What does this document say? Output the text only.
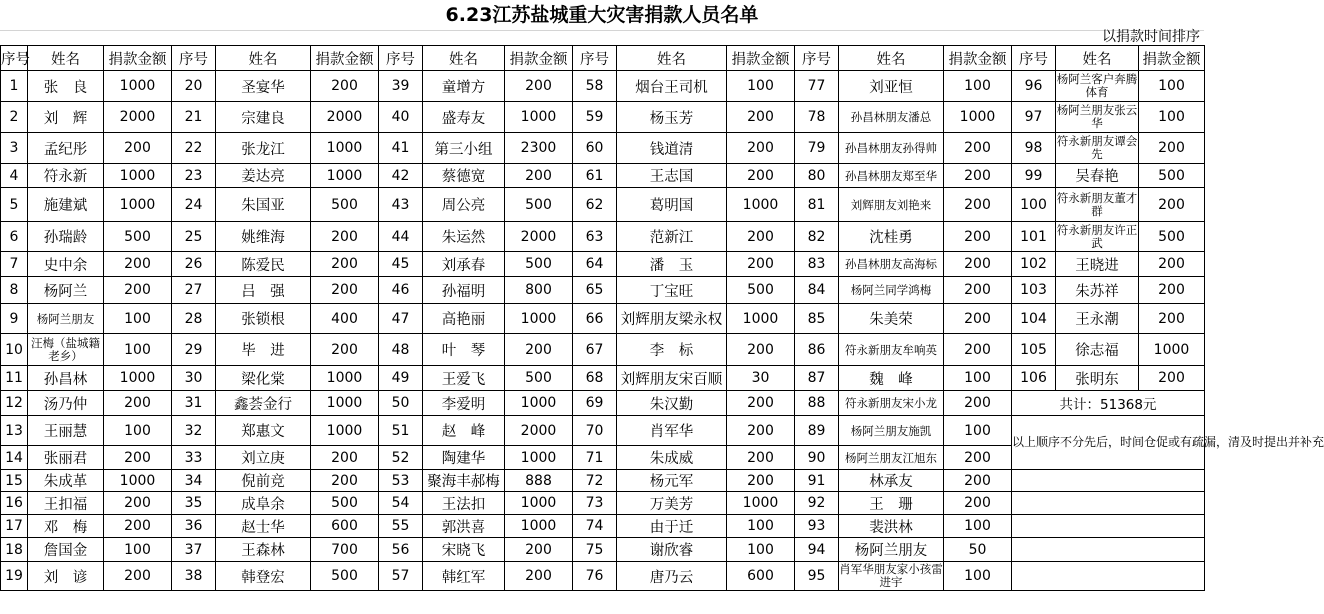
6.23江苏盐城重大灾害捐款人员名单
以捐款时间排序
序号	姓名	捐款金额	序号	姓名	捐款金额	序号	姓名	捐款金额	序号	姓名	捐款金额	序号	姓名	捐款金额	序号	姓名	捐款金额
1	张　良	1000	20	圣宴华	200	39	童增方	200	58	烟台王司机	100	77	刘亚恒	100	96	杨阿兰客户奔腾体育	100
2	刘　辉	2000	21	宗建良	2000	40	盛寿友	1000	59	杨玉芳	200	78	孙昌林朋友潘总	1000	97	杨阿兰朋友张云华	100
3	孟纪彤	200	22	张龙江	1000	41	第三小组	2300	60	钱道清	200	79	孙昌林朋友孙得帅	200	98	符永新朋友谭会先	200
4	符永新	1000	23	姜达亮	1000	42	蔡德宽	200	61	王志国	200	80	孙昌林朋友郑至华	200	99	吴春艳	500
5	施建斌	1000	24	朱国亚	500	43	周公亮	500	62	葛明国	1000	81	刘辉朋友刘艳来	200	100	符永新朋友董才群	200
6	孙瑞龄	500	25	姚维海	200	44	朱运然	2000	63	范新江	200	82	沈桂勇	200	101	符永新朋友许正武	500
7	史中余	200	26	陈爱民	200	45	刘承春	500	64	潘　玉	200	83	孙昌林朋友高海标	200	102	王晓进	200
8	杨阿兰	200	27	吕　强	200	46	孙福明	800	65	丁宝旺	500	84	杨阿兰同学鸿梅	200	103	朱苏祥	200
9	杨阿兰朋友	100	28	张锁根	400	47	高艳丽	1000	66	刘辉朋友梁永权	1000	85	朱美荣	200	104	王永潮	200
10	汪梅（盐城籍老乡）	100	29	毕　进	200	48	叶　琴	200	67	李　标	200	86	符永新朋友牟响英	200	105	徐志福	1000
11	孙昌林	1000	30	梁化棠	1000	49	王爱飞	500	68	刘辉朋友宋百顺	30	87	魏　峰	100	106	张明东	200
12	汤乃仲	200	31	鑫荟金行	1000	50	李爱明	1000	69	朱汉勤	200	88	符永新朋友宋小龙	200	共计：51368元		
13	王丽慧	100	32	郑惠文	1000	51	赵　峰	2000	70	肖军华	200	89	杨阿兰朋友施凯	100	以上顺序不分先后，时间仓促或有疏漏，清及时提出并补充		
14	张丽君	200	33	刘立庚	200	52	陶建华	1000	71	朱成威	200	90	杨阿兰朋友江旭东	200			
15	朱成革	1000	34	倪前竞	200	53	聚海丰郝梅	888	72	杨元军	200	91	林承友	200			
16	王扣福	200	35	成阜余	500	54	王法扣	1000	73	万美芳	1000	92	王　珊	200			
17	邓　梅	200	36	赵士华	600	55	郭洪喜	1000	74	由于迁	100	93	裴洪林	100			
18	詹国金	100	37	王森林	700	56	宋晓飞	200	75	谢欣睿	100	94	杨阿兰朋友	50			
19	刘　谚	200	38	韩登宏	500	57	韩红军	200	76	唐乃云	600	95	肖军华朋友家小孩雷进宇	100			
